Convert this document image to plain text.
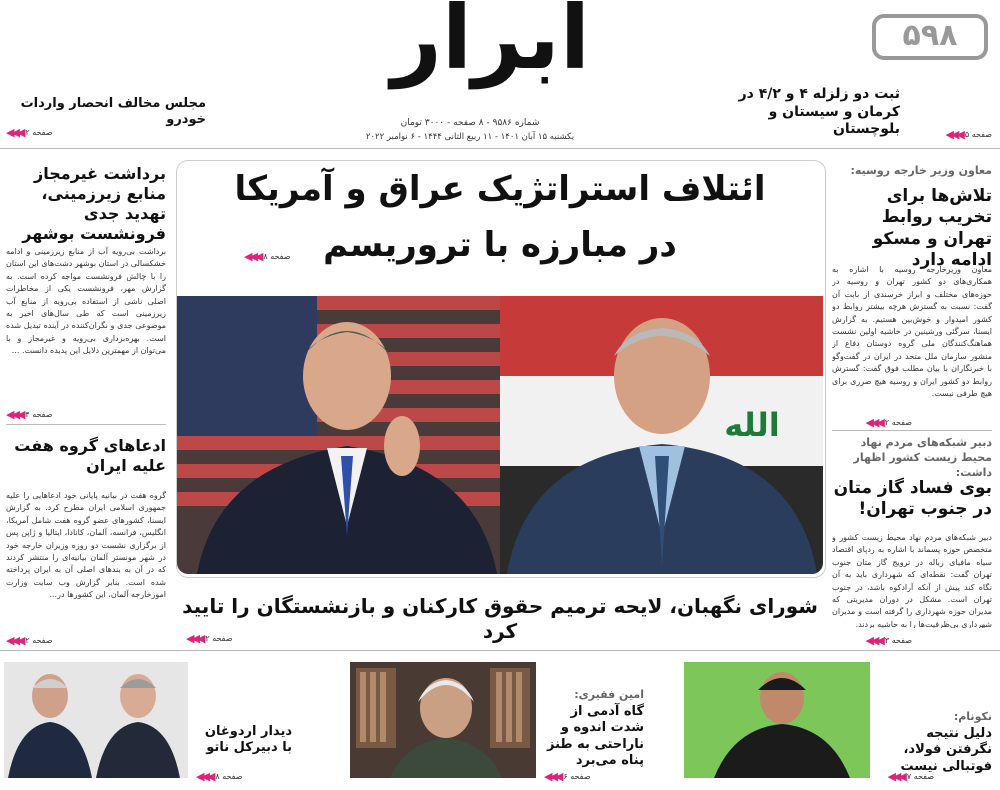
۵۹۸
ثبت دو زلزله ۴ و ۴/۲ در کرمان و سیستان و بلوچستان	صفحه ۵
◀◀◀
ابرار
شماره ۹۵۸۶ - ۸ صفحه - ۳۰۰۰ تومان
یکشنبه ۱۵ آبان ۱۴۰۱ - ۱۱ ربیع الثانی ۱۴۴۴ - ۶ نوامبر ۲۰۲۲
مجلس مخالف انحصار واردات خودرو
صفحه ۲
◀◀◀
ائتلاف استراتژیک عراق و آمریکا
در مبارزه با تروریسم
صفحه ۸
◀◀◀
الله
شورای نگهبان، لایحه ترمیم حقوق کارکنان و بازنشستگان را تایید کرد
صفحه ۲
◀◀◀
معاون وزیر خارجه روسیه:
تلاش‌ها برای تخریب روابط تهران و مسکو ادامه دارد
معاون وزیرخارجه روسیه با اشاره به همکاری‌های دو کشور تهران و روسیه در حوزه‌های مختلف و ابراز خرسندی از بابت آن گفت: نسبت به گسترش هرچه بیشتر روابط دو کشور امیدوار و خوش‌بین هستیم. به گزارش ایسنا، سرگئی ورشینین در حاشیه اولین نشست هماهنگ‌کنندگان ملی گروه دوستان دفاع از منشور سازمان ملل متحد در ایران در گفت‌وگو با خبرنگاران با بیان مطلب فوق گفت: گسترش روابط دو کشور ایران و روسیه هیچ ضرری برای هیچ طرفی نیست.
صفحه ۲
◀◀◀
دبیر شبکه‌های مردم نهاد محیط زیست کشور اظهار داشت:
بوی فساد گاز متان در جنوب تهران!
دبیر شبکه‌های مردم نهاد محیط زیست کشور و متخصص حوزه پسماند با اشاره به ردپای اقتصاد سیاه مافیای زباله در ترویج گاز متان جنوب تهران گفت: نقطه‌ای که شهرداری باید به آن نگاه کند پیش از آنکه آرادکوه باشد، در جنوب تهران است. مشکل در دوران مدیریتی که مدیران حوزه شهرداری را گرفته است و مدیران شهرداری بی‌ظرفیت‌ها را به حاشیه بردند.
صفحه ۳
◀◀◀
برداشت غیرمجاز منابع زیرزمینی، تهدید جدی فرونشست بوشهر
برداشت بی‌رویه آب از منابع زیرزمینی و ادامه خشکسالی در استان بوشهر دشت‌های این استان را با چالش فرونشست مواجه کرده است. به گزارش مهر، فرونشست یکی از مخاطرات اصلی ناشی از استفاده بی‌رویه از منابع آب زیرزمینی است که طی سال‌های اخیر به موضوعی جدی و نگران‌کننده در آینده تبدیل شده است. بهره‌برداری بی‌رویه و غیرمجاز و با می‌توان از مهمترین دلایل این پدیده دانست. ...
صفحه ۴
◀◀◀
ادعاهای گروه هفت علیه ایران
گروه هفت در بیانیه پایانی خود ادعاهایی را علیه جمهوری اسلامی ایران مطرح کرد. به گزارش ایسنا، کشورهای عضو گروه هفت شامل آمریکا، انگلیس، فرانسه، آلمان، کانادا، ایتالیا و ژاپن پس از برگزاری نشست دو روزه وزیران خارجه خود در شهر مونستر آلمان بیانیه‌ای را منتشر کردند که در آن به بندهای اصلی آن به ایران پرداخته شده است. بنابر گزارش وب سایت وزارت امورخارجه آلمان، این کشورها در...
صفحه ۲
◀◀◀
نکونام:
دلیل نتیجه نگرفتن فولاد، فوتبالی نیست
صفحه ۷
◀◀◀
امین فقیری:
گاه آدمی از شدت اندوه و ناراحتی به طنز پناه می‌برد
صفحه ۶
◀◀◀
دیدار اردوغان با دبیرکل ناتو
صفحه ۸
◀◀◀
